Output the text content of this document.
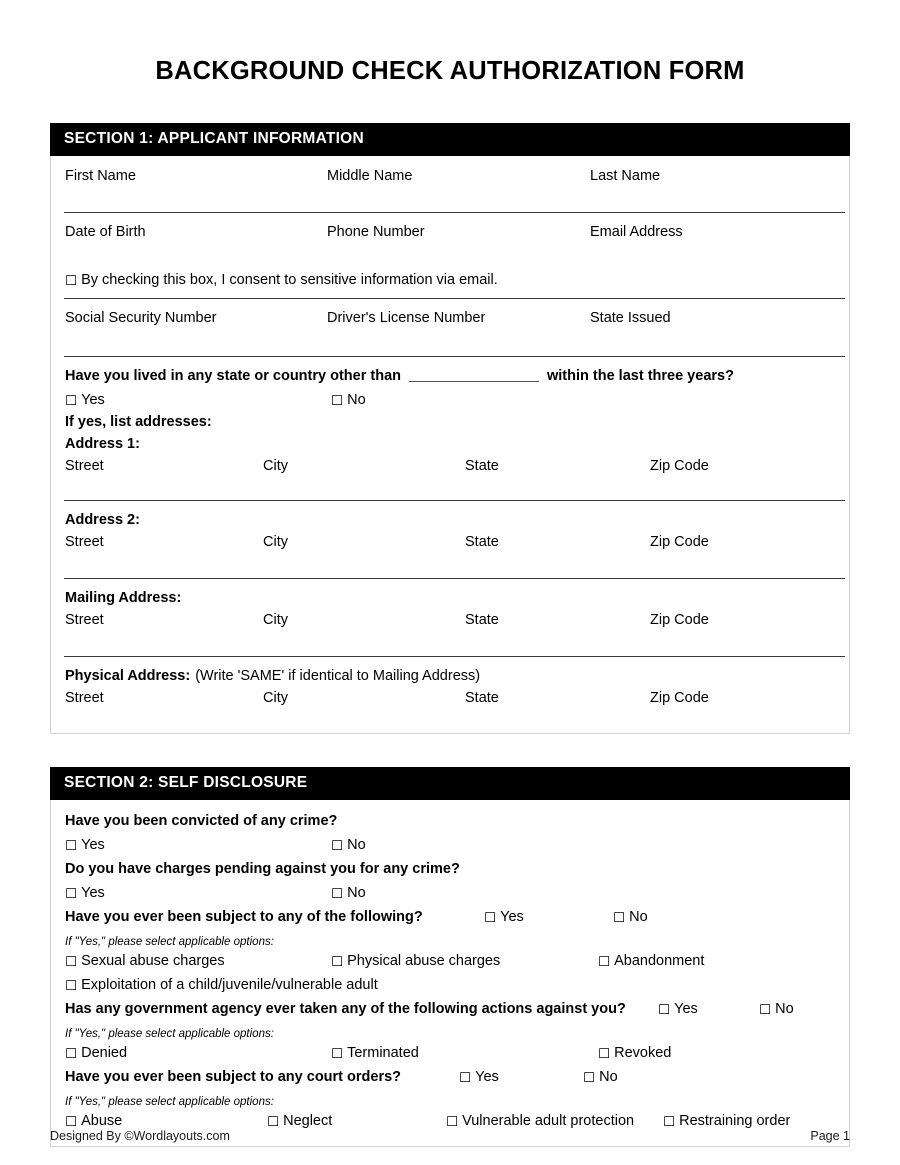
BACKGROUND CHECK AUTHORIZATION FORM
SECTION 1: APPLICANT INFORMATION
First Name	Middle Name	Last Name
Date of Birth	Phone Number	Email Address
☐ By checking this box, I consent to sensitive information via email.
Social Security Number	Driver's License Number	State Issued
Have you lived in any state or country other than	within the last three years?
☐ Yes	☐ No
If yes, list addresses:
Address 1:
Street	City	State	Zip Code
Address 2:
Street	City	State	Zip Code
Mailing Address:
Street	City	State	Zip Code
Physical Address: (Write 'SAME' if identical to Mailing Address)
Street	City	State	Zip Code
SECTION 2: SELF DISCLOSURE
Have you been convicted of any crime?
☐ Yes	☐ No
Do you have charges pending against you for any crime?
☐ Yes	☐ No
Have you ever been subject to any of the following?	☐ Yes	☐ No
If "Yes," please select applicable options:
☐ Sexual abuse charges	☐ Physical abuse charges	☐ Abandonment
☐ Exploitation of a child/juvenile/vulnerable adult
Has any government agency ever taken any of the following actions against you? ☐ Yes	☐ No
If "Yes," please select applicable options:
☐ Denied	☐ Terminated	☐ Revoked
Have you ever been subject to any court orders?	☐ Yes	☐ No
If "Yes," please select applicable options:
☐ Abuse	☐ Neglect	☐ Vulnerable adult protection ☐ Restraining order
Designed By ©Wordlayouts.com	Page 1
